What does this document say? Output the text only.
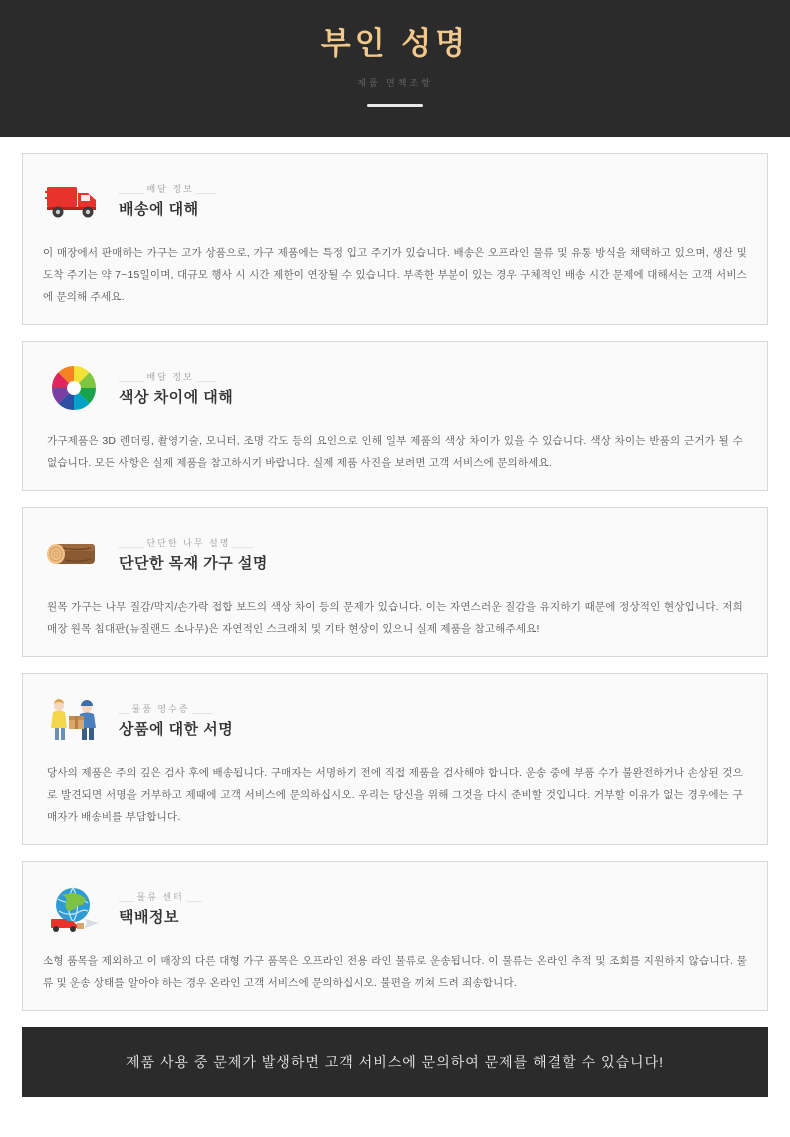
부인 성명
제품 면책조항
_____ 배달 정보 ____
배송에 대해
이 매장에서 판매하는 가구는 고가 상품으로, 가구 제품에는 특정 입고 주기가 있습니다. 배송은 오프라인 물류 및 유통 방식을 채택하고 있으며, 생산 및 도착 주기는 약 7~15일이며, 대규모 행사 시 시간 제한이 연장될 수 있습니다. 부족한 부분이 있는 경우 구체적인 배송 시간 문제에 대해서는 고객 서비스에 문의해 주세요.
_____ 배달 정보 ____
색상 차이에 대해
가구제품은 3D 렌더링, 촬영기술, 모니터, 조명 각도 등의 요인으로 인해 일부 제품의 색상 차이가 있을 수 있습니다. 색상 차이는 반품의 근거가 될 수 없습니다. 모든 사항은 실제 제품을 참고하시기 바랍니다. 실제 제품 사진을 보려면 고객 서비스에 문의하세요.
_____ 단단한 나무 설명 ____
단단한 목재 가구 설명
원목 가구는 나무 질감/막지/손가락 접합 보드의 색상 차이 등의 문제가 있습니다. 이는 자연스러운 질감을 유지하기 때문에 정상적인 현상입니다. 저희 매장 원목 침대판(뉴질랜드 소나무)은 자연적인 스크래치 및 기타 현상이 있으니 실제 제품을 참고해주세요!
__ 물품 영수증 ____
상품에 대한 서명
당사의 제품은 주의 깊은 검사 후에 배송됩니다. 구매자는 서명하기 전에 직접 제품을 검사해야 합니다. 운송 중에 부품 수가 불완전하거나 손상된 것으로 발견되면 서명을 거부하고 제때에 고객 서비스에 문의하십시오. 우리는 당신을 위해 그것을 다시 준비할 것입니다. 거부할 이유가 없는 경우에는 구매자가 배송비를 부담합니다.
___ 물류 센터 ___
택배정보
소형 품목을 제외하고 이 매장의 다른 대형 가구 품목은 오프라인 전용 라인 물류로 운송됩니다. 이 물류는 온라인 추적 및 조회를 지원하지 않습니다. 물류 및 운송 상태를 알아야 하는 경우 온라인 고객 서비스에 문의하십시오. 불편을 끼쳐 드려 죄송합니다.
제품 사용 중 문제가 발생하면 고객 서비스에 문의하여 문제를 해결할 수 있습니다!
